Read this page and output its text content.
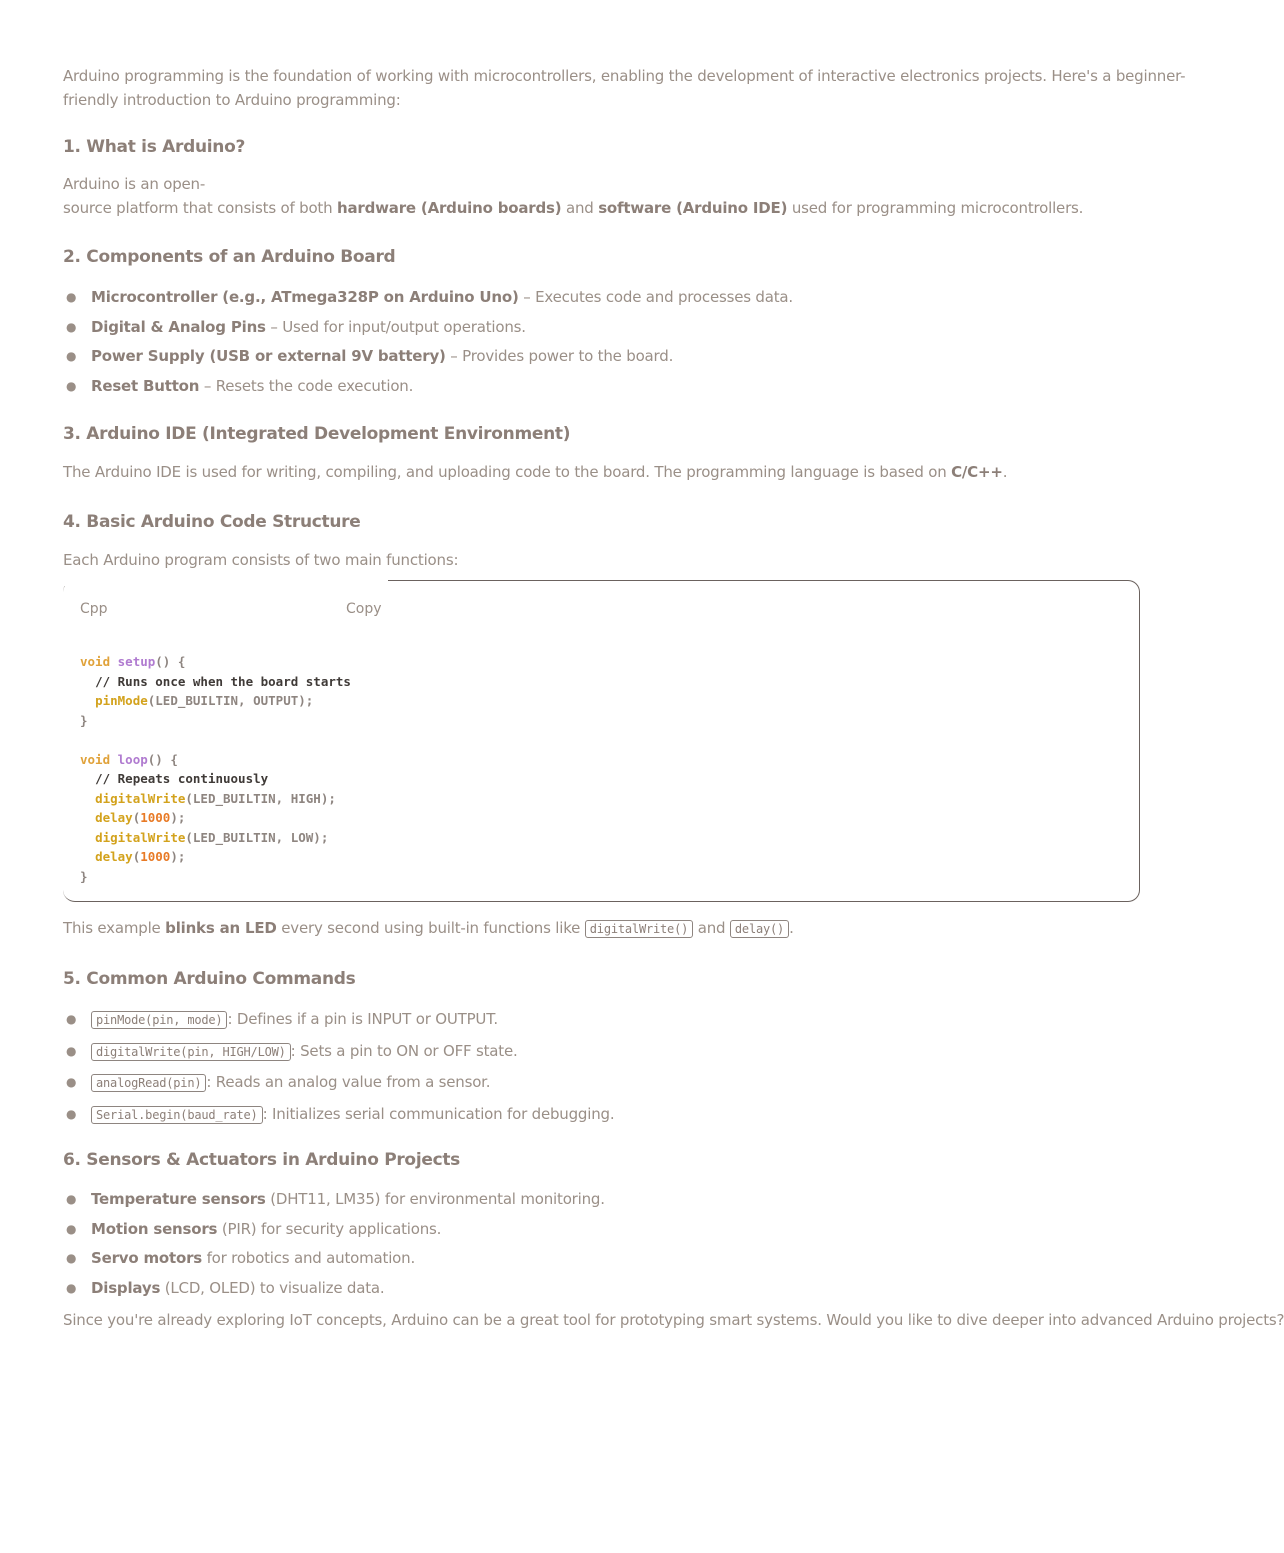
Arduino programming is the foundation of working with microcontrollers, enabling the development of interactive electronics projects. Here's a beginner-

friendly introduction to Arduino programming:

1. What is Arduino?

Arduino is an open-

source platform that consists of both hardware (Arduino boards) and software (Arduino IDE) used for programming microcontrollers.

2. Components of an Arduino Board
● Microcontroller (e.g., ATmega328P on Arduino Uno) – Executes code and processes data.
● Digital & Analog Pins – Used for input/output operations.
● Power Supply (USB or external 9V battery) – Provides power to the board.
● Reset Button – Resets the code execution.
3. Arduino IDE (Integrated Development Environment)

The Arduino IDE is used for writing, compiling, and uploading code to the board. The programming language is based on C/C++.

4. Basic Arduino Code Structure

Each Arduino program consists of two main functions:

Cpp	Copy
void setup() {
// Runs once when the board starts
pinMode(LED_BUILTIN, OUTPUT);
}

void loop() {
// Repeats continuously
digitalWrite(LED_BUILTIN, HIGH);
delay(1000);
digitalWrite(LED_BUILTIN, LOW);
delay(1000);
}

This example blinks an LED every second using built-in functions like digitalWrite() and delay() .

5. Common Arduino Commands
● pinMode(pin, mode) : Defines if a pin is INPUT or OUTPUT.
● digitalWrite(pin, HIGH/LOW) : Sets a pin to ON or OFF state.
● analogRead(pin) : Reads an analog value from a sensor.
● Serial.begin(baud_rate) : Initializes serial communication for debugging.
6. Sensors & Actuators in Arduino Projects
● Temperature sensors (DHT11, LM35) for environmental monitoring.
● Motion sensors (PIR) for security applications.
● Servo motors for robotics and automation.
● Displays (LCD, OLED) to visualize data.

Since you're already exploring IoT concepts, Arduino can be a great tool for prototyping smart systems. Would you like to dive deeper into advanced Arduino projects?
